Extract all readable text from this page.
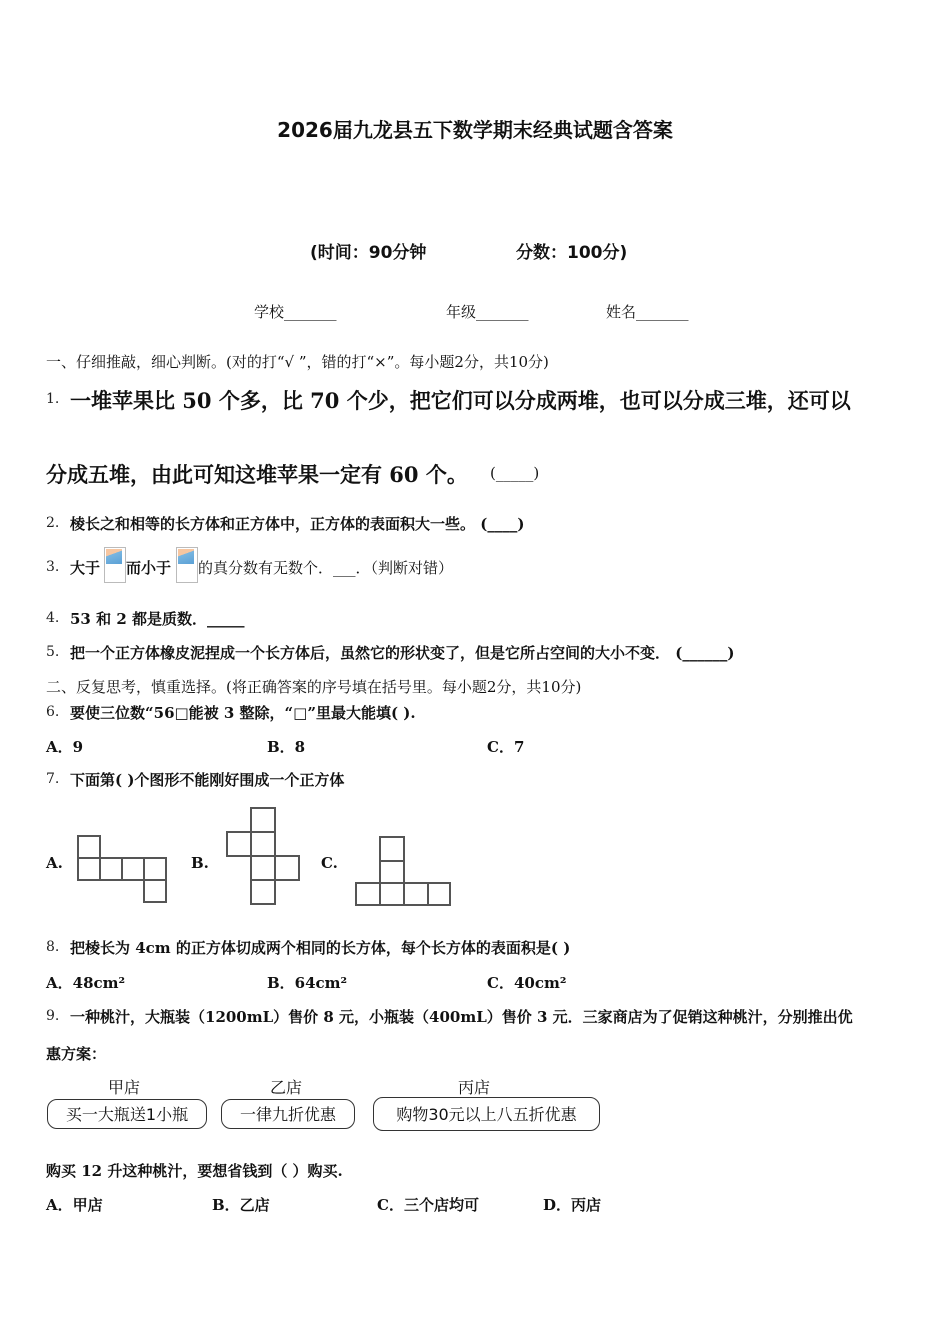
2026届九龙县五下数学期末经典试题含答案
(时间：90分钟	分数：100分)
学校_______	年级_______	姓名_______
一、仔细推敲，细心判断。(对的打“√ ”，错的打“×”。每小题2分，共10分)
1. 一堆苹果比 50 个多，比 70 个少，把它们可以分成两堆，也可以分成三堆，还可以
分成五堆，由此可知这堆苹果一定有 60 个。 (_____)
2. 棱长之和相等的长方体和正方体中，正方体的表面积大一些。 (____)
3. 大于 而小于 的真分数有无数个．___．（判断对错）
4. 53 和 2 都是质数．_____
5. 把一个正方体橡皮泥捏成一个长方体后，虽然它的形状变了，但是它所占空间的大小不变． (______)
二、反复思考，慎重选择。(将正确答案的序号填在括号里。每小题2分，共10分)
6. 要使三位数“56□能被 3 整除，“□”里最大能填( ).
A．9	B．8	C．7
7. 下面第( )个图形不能刚好围成一个正方体
A.	B.	C.
8. 把棱长为 4cm 的正方体切成两个相同的长方体，每个长方体的表面积是( )
A．48cm²	B．64cm²	C．40cm²
9. 一种桃汁，大瓶装（1200mL）售价 8 元，小瓶装（400mL）售价 3 元．三家商店为了促销这种桃汁，分别推出优
惠方案：
甲店	乙店	丙店
买一大瓶送1小瓶	一律九折优惠	购物30元以上八五折优惠
购买 12 升这种桃汁，要想省钱到（ ）购买.
A．甲店	B．乙店	C．三个店均可	D．丙店
